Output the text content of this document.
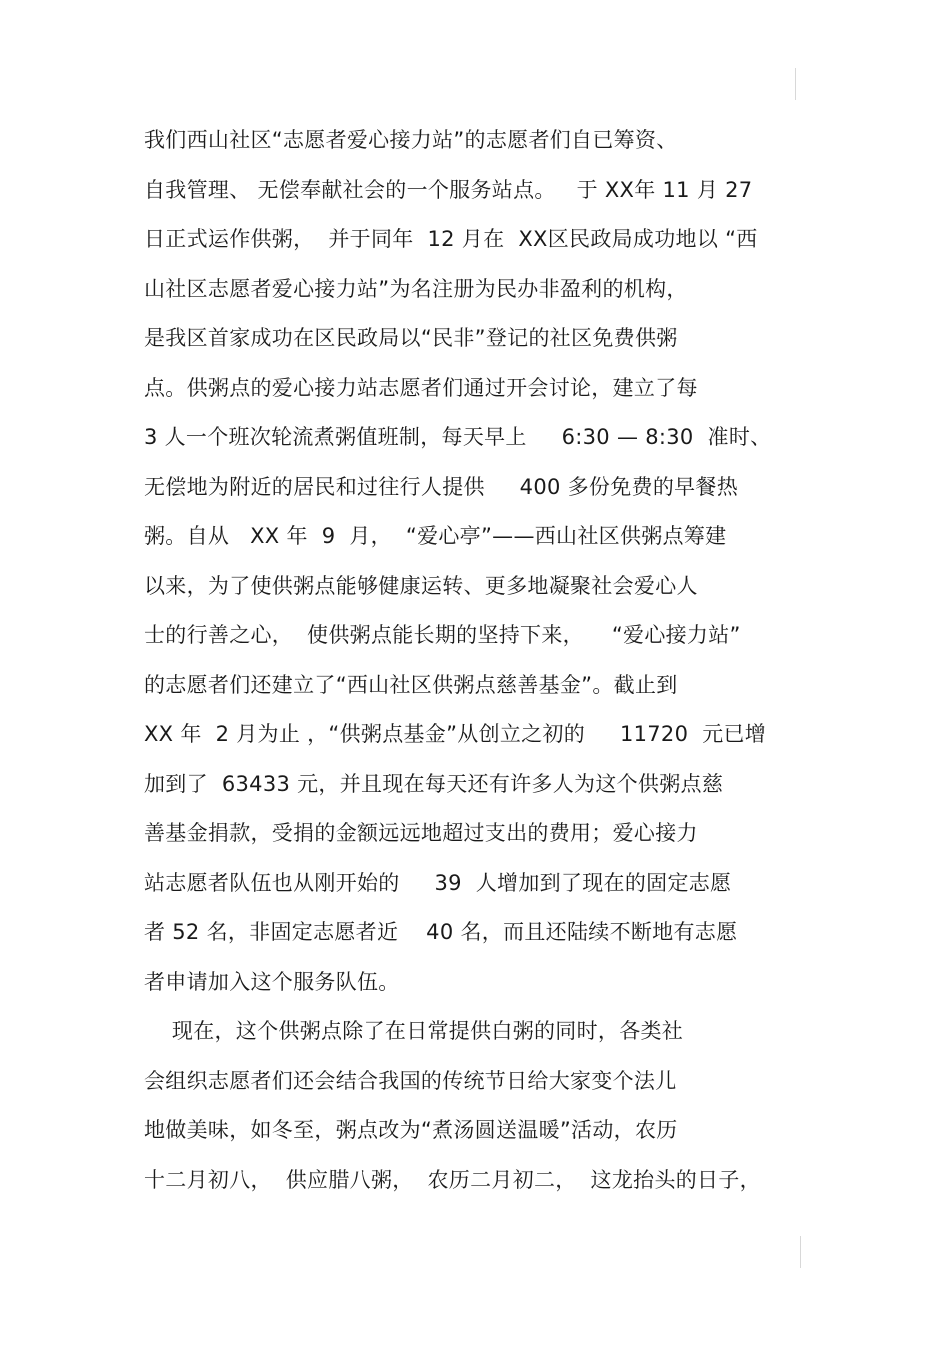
我们西山社区“志愿者爱心接力站”的志愿者们自已筹资、
自我管理、 无偿奉献社会的一个服务站点。   于 XX年 11 月 27
日正式运作供粥，  并于同年  12 月在  XX区民政局成功地以 “西
山社区志愿者爱心接力站”为名注册为民办非盈利的机构，
是我区首家成功在区民政局以“民非”登记的社区免费供粥
点。供粥点的爱心接力站志愿者们通过开会讨论，建立了每
3 人一个班次轮流煮粥值班制，每天早上     6:30 — 8:30  准时、
无偿地为附近的居民和过往行人提供     400 多份免费的早餐热
粥。自从   XX 年  9  月，  “爱心亭”——西山社区供粥点筹建
以来，为了使供粥点能够健康运转、更多地凝聚社会爱心人
士的行善之心，  使供粥点能长期的坚持下来，    “爱心接力站”
的志愿者们还建立了“西山社区供粥点慈善基金”。截止到
XX 年  2 月为止 ，“供粥点基金”从创立之初的     11720  元已增
加到了  63433 元，并且现在每天还有许多人为这个供粥点慈
善基金捐款，受捐的金额远远地超过支出的费用；爱心接力
站志愿者队伍也从刚开始的     39  人增加到了现在的固定志愿
者 52 名，非固定志愿者近    40 名，而且还陆续不断地有志愿
者申请加入这个服务队伍。
现在，这个供粥点除了在日常提供白粥的同时，各类社
会组织志愿者们还会结合我国的传统节日给大家变个法儿
地做美味，如冬至，粥点改为“煮汤圆送温暖”活动，农历
十二月初八，  供应腊八粥，  农历二月初二，  这龙抬头的日子，
